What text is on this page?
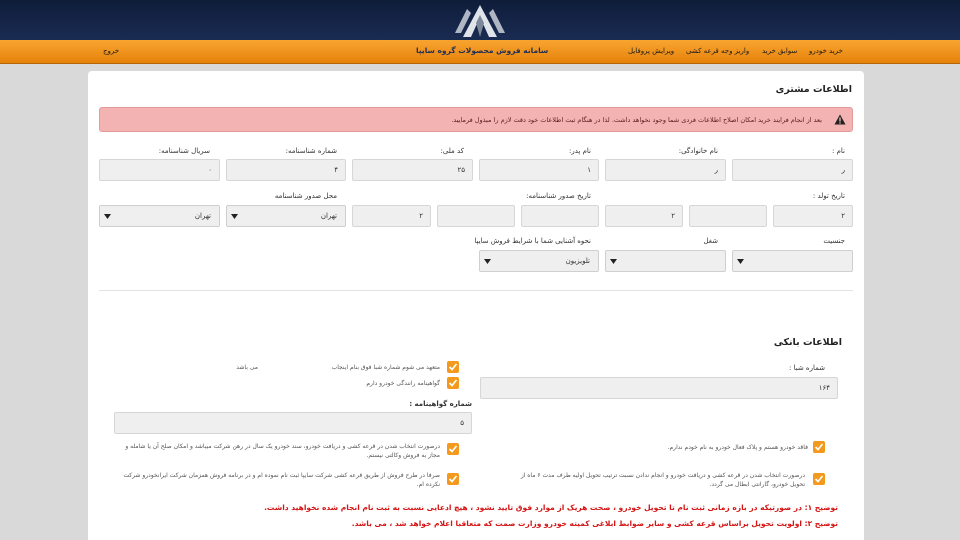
خرید خودرو
سوابق خرید
واریز وجه قرعه کشی
ویرایش پروفایل
سامانه فروش محصولات گروه سایپا
خروج
اطلاعات مشتری
بعد از انجام فرایند خرید امکان اصلاح اطلاعات فردی شما وجود نخواهد داشت. لذا در هنگام ثبت اطلاعات خود دقت لازم را مبذول فرمایید.
نام :
نام خانوادگی:
نام پدر:
کد ملی:
شماره شناسنامه:
سریال شناسنامه:
ر
ر
۱
۲۵
۴
۰
تاریخ تولد :
تاریخ صدور شناسنامه:
محل صدور شناسنامه
۲
۲
۲
تهران
تهران
جنسیت
شغل
نحوه آشنایی شما با شرایط فروش سایپا
تلویزیون
اطلاعات بانکی
شماره شبا :
۱۶۴
متعهد می شوم شماره شبا فوق بنام اینجاب
می باشد
گواهینامه رانندگی خودرو دارم
شماره گواهینامه :
۵
فاقد خودرو هستم و پلاک فعال خودرو به نام خودم ندارم.
درصورت انتخاب شدن در قرعه کشی و دریافت خودرو، سند خودرو یک سال در رهن شرکت میباشد و امکان صلح آن یا شامله و مجاز به فروش وکالتی نیستم.
درصورت انتخاب شدن در قرعه کشی و دریافت خودرو و انجام ندادن نسبت ترتیب تحویل اولیه طرف مدت ۶ ماه از تحویل خودرو، گارانتی ابطال می گردد.
صرفا در طرح فروش از طریق قرعه کشی شرکت سایپا ثبت نام نموده ام و در برنامه فروش همزمان شرکت ایرانخودرو شرکت نکرده ام.
توضیح ۱: در صورتیکه در بازه زمانی ثبت نام تا تحویل خودرو ، صحت هریک از موارد فوق تایید نشود ، هیچ ادعایی نسبت به ثبت نام انجام شده نخواهید داشت.
توضیح ۲: اولویت تحویل براساس قرعه کشی و سایر ضوابط ابلاغی کمیته خودرو وزارت صمت که متعاقبا اعلام خواهد شد ، می باشد.
